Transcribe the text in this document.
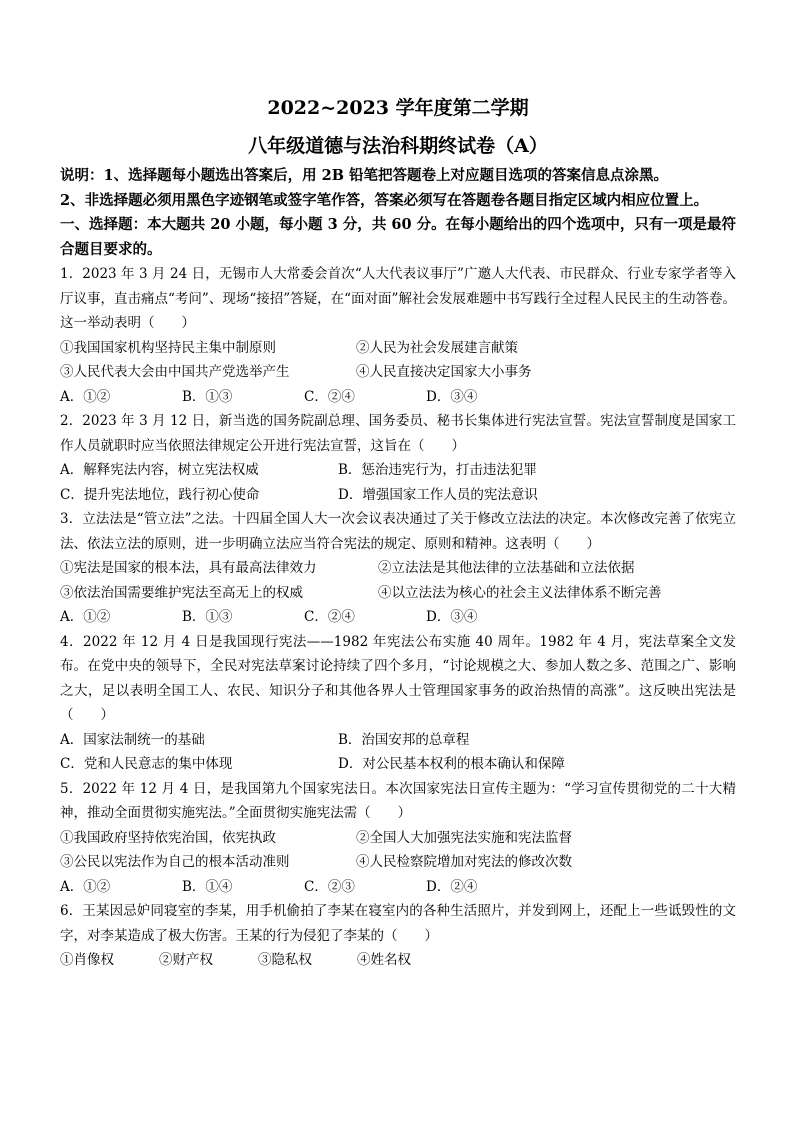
2022~2023 学年度第二学期
八年级道德与法治科期终试卷（A）
说明：1、选择题每小题选出答案后，用 2B 铅笔把答题卷上对应题目选项的答案信息点涂黑。
2、非选择题必须用黑色字迹钢笔或签字笔作答，答案必须写在答题卷各题目指定区域内相应位置上。
一、选择题：本大题共 20 小题，每小题 3 分，共 60 分。在每小题给出的四个选项中，只有一项是最符合题目要求的。
1．2023 年 3 月 24 日，无锡市人大常委会首次“人大代表议事厅”广邀人大代表、市民群众、行业专家学者等入厅议事，直击痛点“考问”、现场“接招”答疑，在“面对面”解社会发展难题中书写践行全过程人民民主的生动答卷。这一举动表明（　　）
①我国国家机构坚持民主集中制原则	②人民为社会发展建言献策
③人民代表大会由中国共产党选举产生	④人民直接决定国家大小事务
A．①②	B．①③	C．②④	D．③④
2．2023 年 3 月 12 日，新当选的国务院副总理、国务委员、秘书长集体进行宪法宣誓。宪法宣誓制度是国家工作人员就职时应当依照法律规定公开进行宪法宣誓，这旨在（　　）
A．解释宪法内容，树立宪法权威	B．惩治违宪行为，打击违法犯罪
C．提升宪法地位，践行初心使命	D．增强国家工作人员的宪法意识
3．立法法是“管立法”之法。十四届全国人大一次会议表决通过了关于修改立法法的决定。本次修改完善了依宪立法、依法立法的原则，进一步明确立法应当符合宪法的规定、原则和精神。这表明（　　）
①宪法是国家的根本法，具有最高法律效力	②立法法是其他法律的立法基础和立法依据
③依法治国需要维护宪法至高无上的权威	④以立法法为核心的社会主义法律体系不断完善
A．①②	B．①③	C．②④	D．③④
4．2022 年 12 月 4 日是我国现行宪法——1982 年宪法公布实施 40 周年。1982 年 4 月，宪法草案全文发布。在党中央的领导下，全民对宪法草案讨论持续了四个多月，“讨论规模之大、参加人数之多、范围之广、影响之大，足以表明全国工人、农民、知识分子和其他各界人士管理国家事务的政治热情的高涨”。这反映出宪法是（　　）
A．国家法制统一的基础	B．治国安邦的总章程
C．党和人民意志的集中体现	D．对公民基本权利的根本确认和保障
5．2022 年 12 月 4 日，是我国第九个国家宪法日。本次国家宪法日宣传主题为：“学习宣传贯彻党的二十大精神，推动全面贯彻实施宪法。”全面贯彻实施宪法需（　　）
①我国政府坚持依宪治国，依宪执政	②全国人大加强宪法实施和宪法监督
③公民以宪法作为自己的根本活动准则	④人民检察院增加对宪法的修改次数
A．①②	B．①④	C．②③	D．②④
6．王某因忌妒同寝室的李某，用手机偷拍了李某在寝室内的各种生活照片，并发到网上，还配上一些诋毁性的文字，对李某造成了极大伤害。王某的行为侵犯了李某的（　　）
①肖像权	②财产权	③隐私权	④姓名权
